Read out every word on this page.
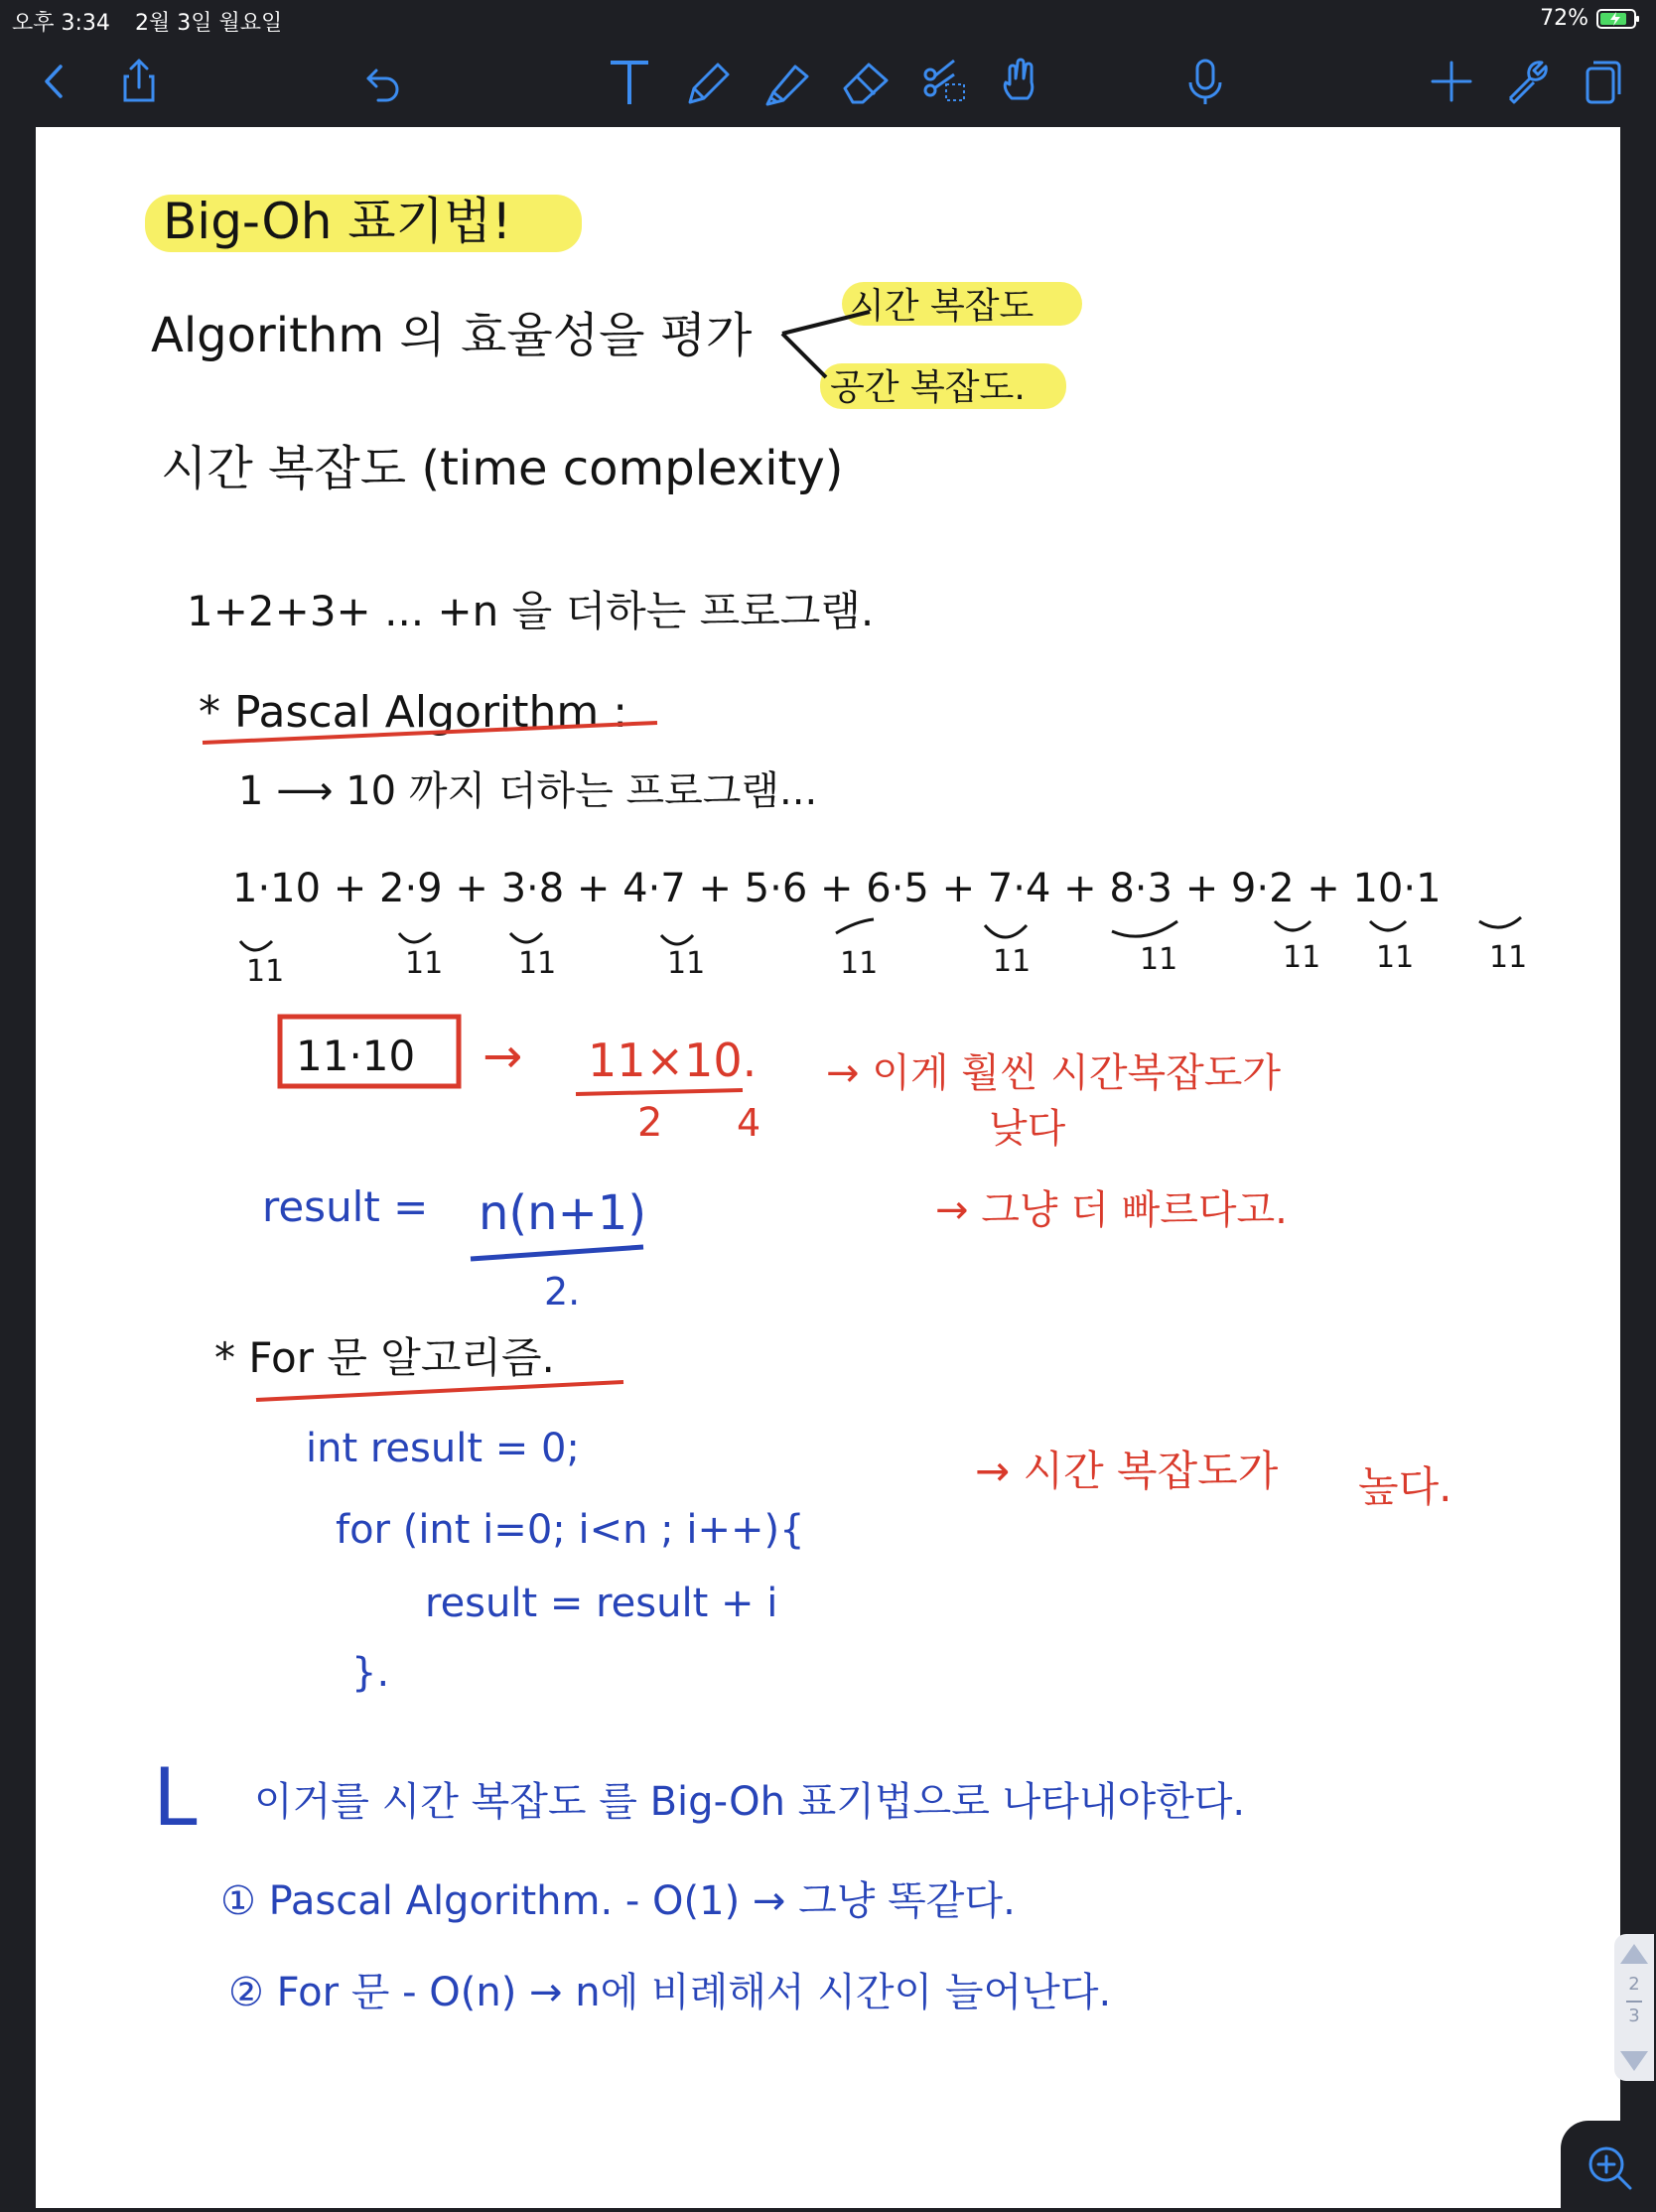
오후 3:34 2월 3일 월요일	72%
Big-Oh 표기법!
Algorithm 의 효율성을 평가
시간 복잡도
공간 복잡도.
시간 복잡도 (time complexity)
1+2+3+ ... +n 을 더하는 프로그램.
* Pascal Algorithm :
1 ⟶ 10 까지 더하는 프로그램...
1·10 + 2·9 + 3·8 + 4·7 + 5·6 + 6·5 + 7·4 + 8·3 + 9·2 + 10·1
11	11	11	11	11	11	11	11 11	11
11·10 → 11×10.
2 4
→ 이게 훨씬 시간복잡도가
낮다
result = n(n+1)
2.
→ 그냥 더 빠르다고.
* For 문 알고리즘.
int result = 0;
for (int i=0; i<n ; i++){
result = result + i
}.
→ 시간 복잡도가 높다.
L 이거를 시간 복잡도 를 Big-Oh 표기법으로 나타내야한다.
① Pascal Algorithm. - O(1) → 그냥 똑같다.
② For 문 - O(n) → n에 비례해서 시간이 늘어난다.	2
3
